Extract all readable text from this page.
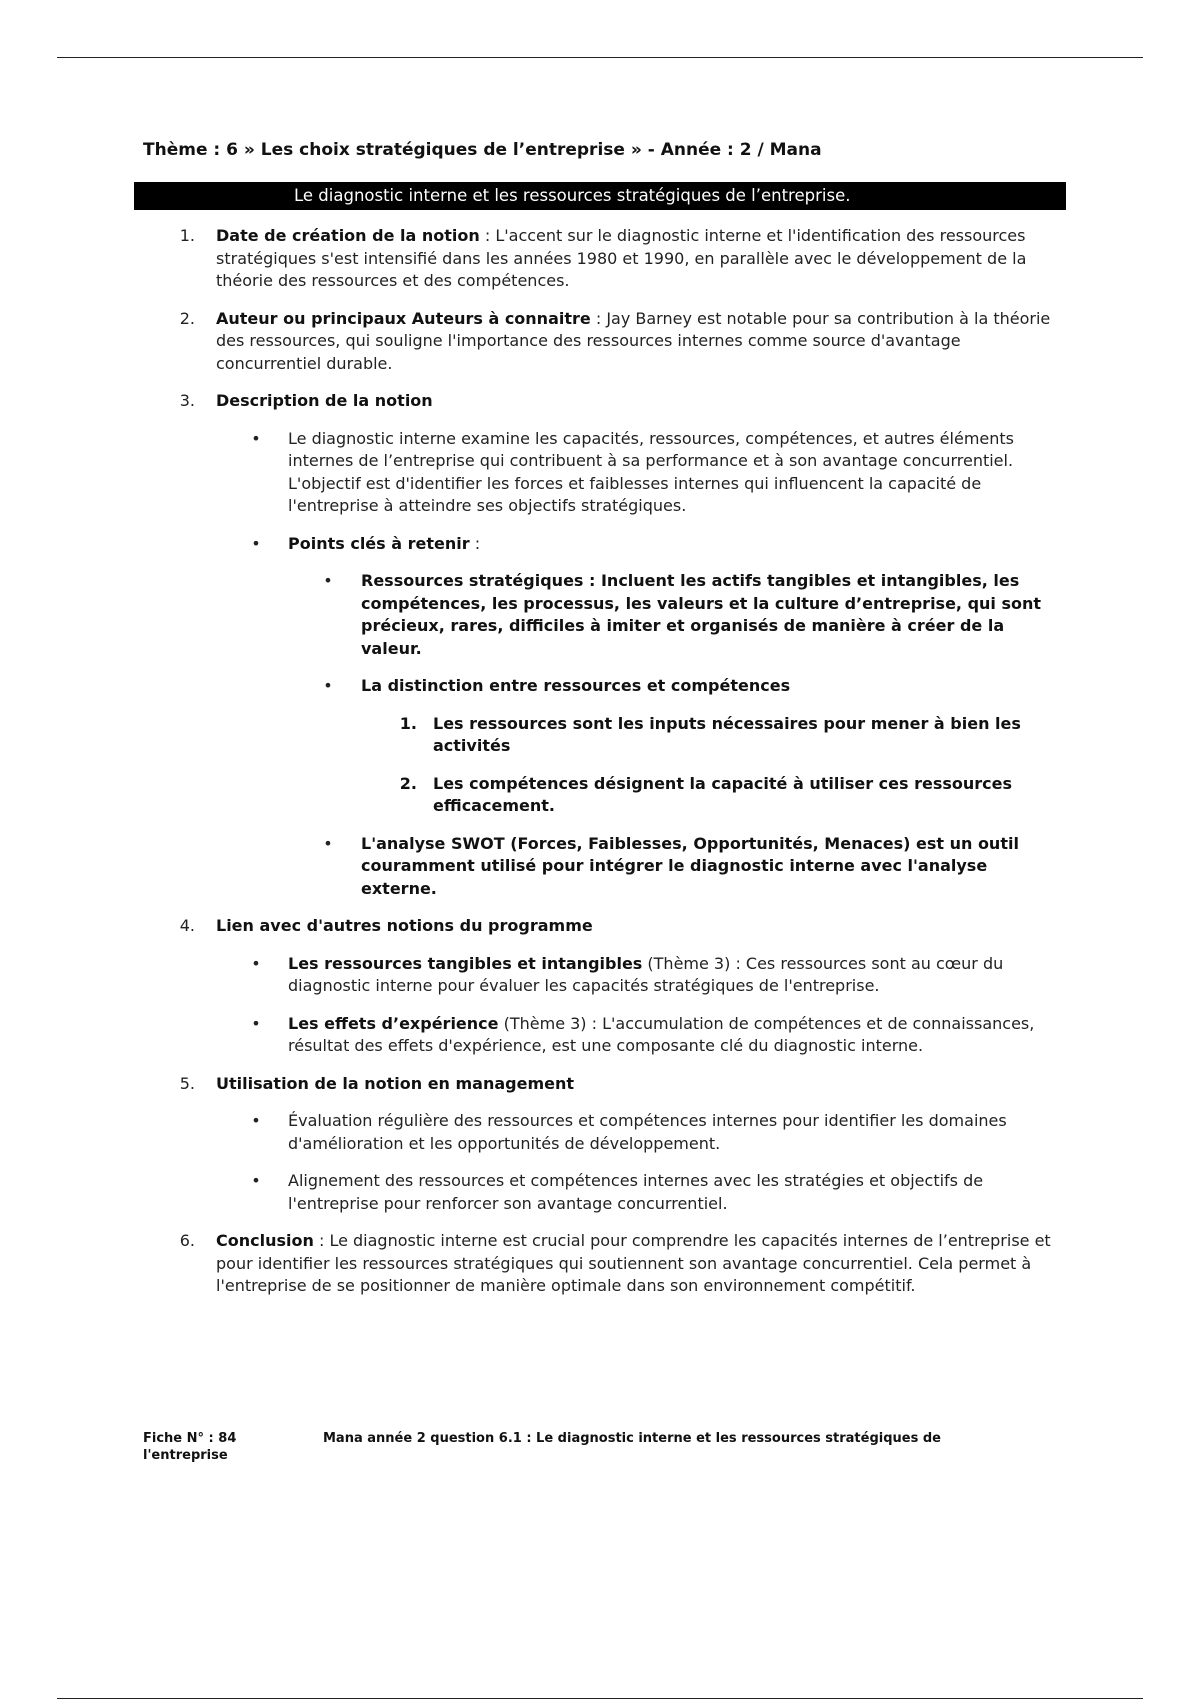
Thème : 6 » Les choix stratégiques de l’entreprise » - Année : 2 / Mana
Le diagnostic interne et les ressources stratégiques de l’entreprise.
1. Date de création de la notion : L'accent sur le diagnostic interne et l'identification des ressources stratégiques s'est intensifié dans les années 1980 et 1990, en parallèle avec le développement de la théorie des ressources et des compétences.
2. Auteur ou principaux Auteurs à connaitre : Jay Barney est notable pour sa contribution à la théorie des ressources, qui souligne l'importance des ressources internes comme source d'avantage concurrentiel durable.
3. Description de la notion
• Le diagnostic interne examine les capacités, ressources, compétences, et autres éléments internes de l’entreprise qui contribuent à sa performance et à son avantage concurrentiel. L'objectif est d'identifier les forces et faiblesses internes qui influencent la capacité de l'entreprise à atteindre ses objectifs stratégiques.
• Points clés à retenir :
• Ressources stratégiques : Incluent les actifs tangibles et intangibles, les compétences, les processus, les valeurs et la culture d’entreprise, qui sont précieux, rares, difficiles à imiter et organisés de manière à créer de la valeur.
• La distinction entre ressources et compétences
1. Les ressources sont les inputs nécessaires pour mener à bien les activités
2. Les compétences désignent la capacité à utiliser ces ressources efficacement.
• L'analyse SWOT (Forces, Faiblesses, Opportunités, Menaces) est un outil couramment utilisé pour intégrer le diagnostic interne avec l'analyse externe.
4. Lien avec d'autres notions du programme
• Les ressources tangibles et intangibles (Thème 3) : Ces ressources sont au cœur du diagnostic interne pour évaluer les capacités stratégiques de l'entreprise.
• Les effets d’expérience (Thème 3) : L'accumulation de compétences et de connaissances, résultat des effets d'expérience, est une composante clé du diagnostic interne.
5. Utilisation de la notion en management
• Évaluation régulière des ressources et compétences internes pour identifier les domaines d'amélioration et les opportunités de développement.
• Alignement des ressources et compétences internes avec les stratégies et objectifs de l'entreprise pour renforcer son avantage concurrentiel.
6. Conclusion : Le diagnostic interne est crucial pour comprendre les capacités internes de l’entreprise et pour identifier les ressources stratégiques qui soutiennent son avantage concurrentiel. Cela permet à l'entreprise de se positionner de manière optimale dans son environnement compétitif.
Fiche N° : 84	Mana année 2 question 6.1 : Le diagnostic interne et les ressources stratégiques de
l'entreprise
